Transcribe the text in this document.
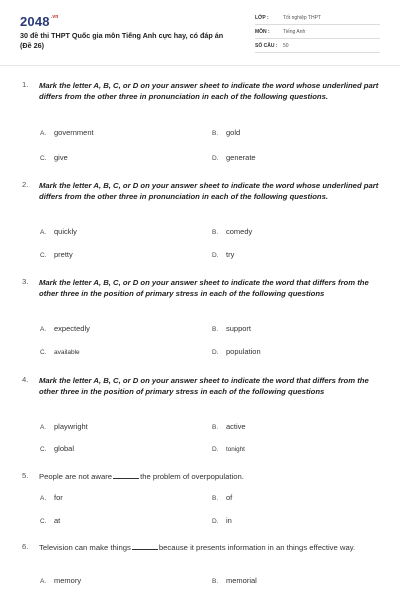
$2048^{.vn}$
30 đề thi THPT Quốc gia môn Tiếng Anh cực hay, có đáp án (Đề 26)
LỚP :	Tốt nghiệp THPT
MÔN :	Tiếng Anh
SỐ CÂU : 50
1. Mark the letter A, B, C, or D on your answer sheet to indicate the word whose underlined part differs from the other three in pronunciation in each of the following questions.
A. government	B. gold
C. give	D. generate
2. Mark the letter A, B, C, or D on your answer sheet to indicate the word whose underlined part differs from the other three in pronunciation in each of the following questions.
A. quickly	B. comedy
C. pretty	D. try
3. Mark the letter A, B, C, or D on your answer sheet to indicate the word that differs from the other three in the position of primary stress in each of the following questions
A. expectedly	B. support
C. available	D. population
4. Mark the letter A, B, C, or D on your answer sheet to indicate the word that differs from the other three in the position of primary stress in each of the following questions
A. playwright	B. active
C. global	D. tonight
5. People are not aware	the problem of overpopulation.
A. for	B. of
C. at	D. in
6. Television can make things	because it presents information in an things effective way.
A. memory	B. memorial
